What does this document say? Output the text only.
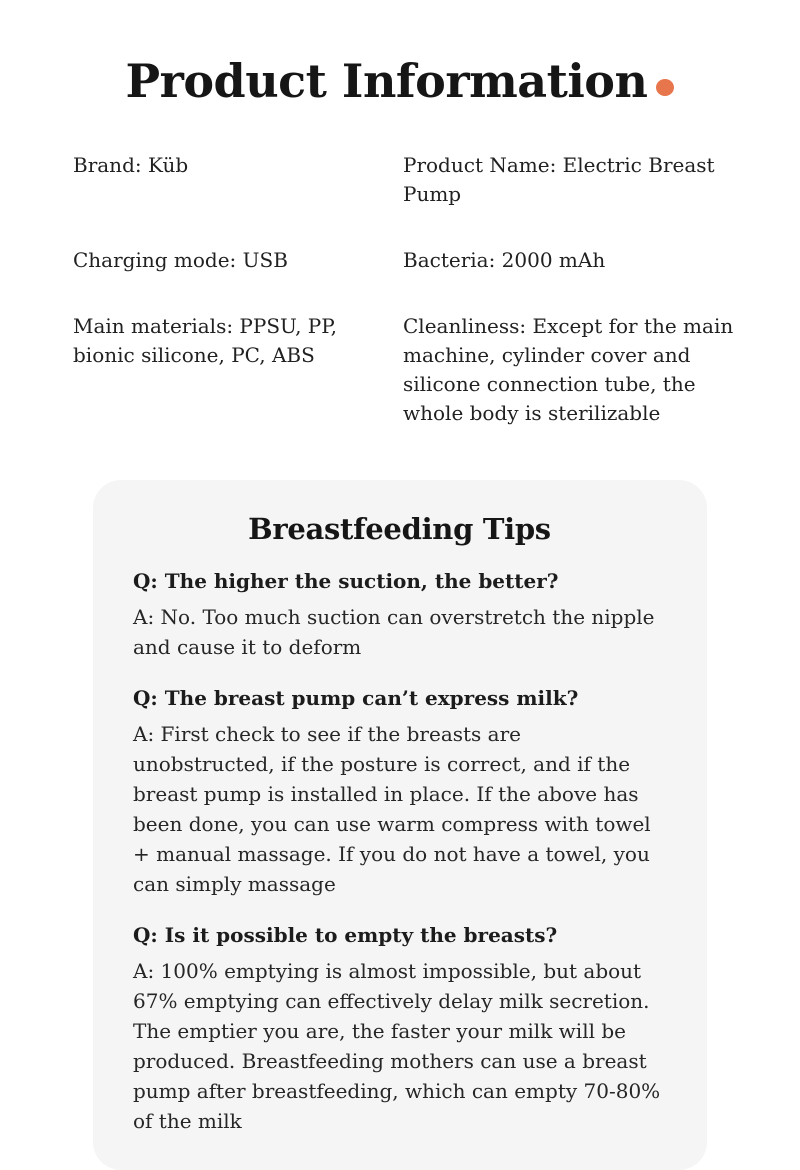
Product Information
Brand: Küb	Product Name: Electric Breast Pump
Charging mode: USB	Bacteria: 2000 mAh
Main materials: PPSU, PP, bionic silicone, PC, ABS
Cleanliness: Except for the main machine, cylinder cover and silicone connection tube, the whole body is sterilizable
Breastfeeding Tips
Q: The higher the suction, the better?
A: No. Too much suction can overstretch the nipple and cause it to deform
Q: The breast pump can’t express milk?
A: First check to see if the breasts are unobstructed, if the posture is correct, and if the breast pump is installed in place. If the above has been done, you can use warm compress with towel + manual massage. If you do not have a towel, you can simply massage
Q: Is it possible to empty the breasts?
A: 100% emptying is almost impossible, but about 67% emptying can effectively delay milk secretion. The emptier you are, the faster your milk will be produced. Breastfeeding mothers can use a breast pump after breastfeeding, which can empty 70-80% of the milk
